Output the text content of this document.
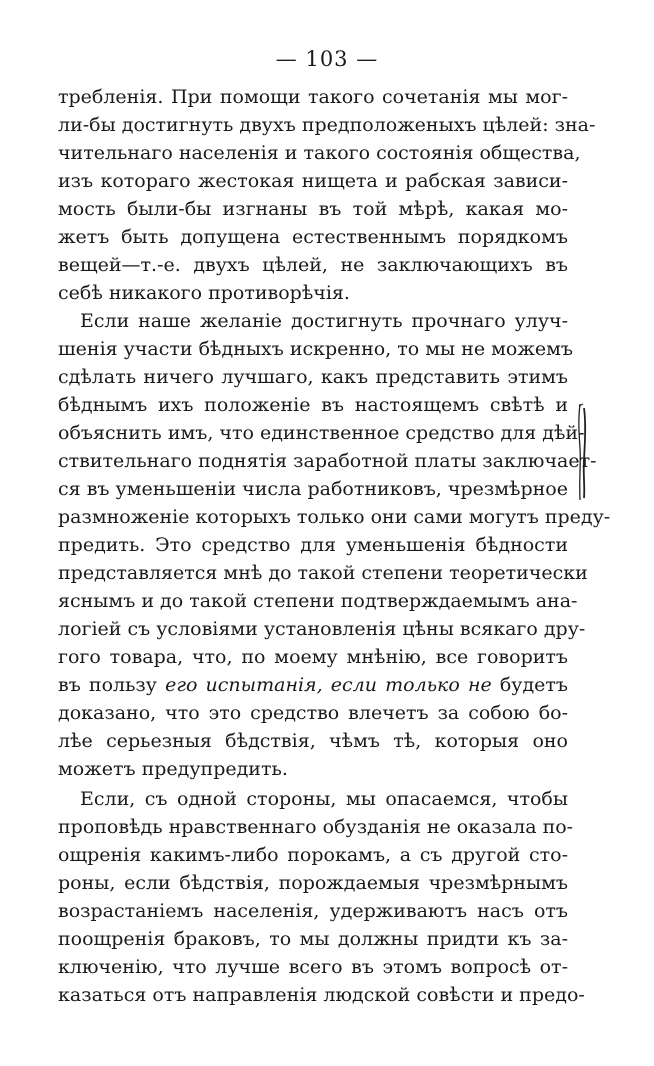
— 103 —
требленія. При помощи такого сочетанія мы мог-
ли-бы достигнуть двухъ предположеныхъ цѣлей: зна-
чительнаго населенія и такого состоянія общества,
изъ котораго жестокая нищета и рабская зависи-
мость были-бы изгнаны въ той мѣрѣ, какая мо-
жетъ быть допущена естественнымъ порядкомъ
вещей—т.-е. двухъ цѣлей, не заключающихъ въ
себѣ никакого противорѣчія.
Если наше желаніе достигнуть прочнаго улуч-
шенія участи бѣдныхъ искренно, то мы не можемъ
сдѣлать ничего лучшаго, какъ представить этимъ
бѣднымъ ихъ положеніе въ настоящемъ свѣтѣ и
объяснить имъ, что единственное средство для дѣй-
ствительнаго поднятія заработной платы заключает-
ся въ уменьшеніи числа работниковъ, чрезмѣрное
размноженіе которыхъ только они сами могутъ преду-
предить. Это средство для уменьшенія бѣдности
представляется мнѣ до такой степени теоретически
яснымъ и до такой степени подтверждаемымъ ана-
логіей съ условіями установленія цѣны всякаго дру-
гого товара, что, по моему мнѣнію, все говоритъ
въ пользу его испытанія, если только не будетъ
доказано, что это средство влечетъ за собою бо-
лѣе серьезныя бѣдствія, чѣмъ тѣ, которыя оно
можетъ предупредить.
Если, съ одной стороны, мы опасаемся, чтобы
проповѣдь нравственнаго обузданія не оказала по-
ощренія какимъ-либо порокамъ, а съ другой сто-
роны, если бѣдствія, порождаемыя чрезмѣрнымъ
возрастаніемъ населенія, удерживаютъ насъ отъ
поощренія браковъ, то мы должны придти къ за-
ключенію, что лучше всего въ этомъ вопросѣ от-
казаться отъ направленія людской совѣсти и предо-
